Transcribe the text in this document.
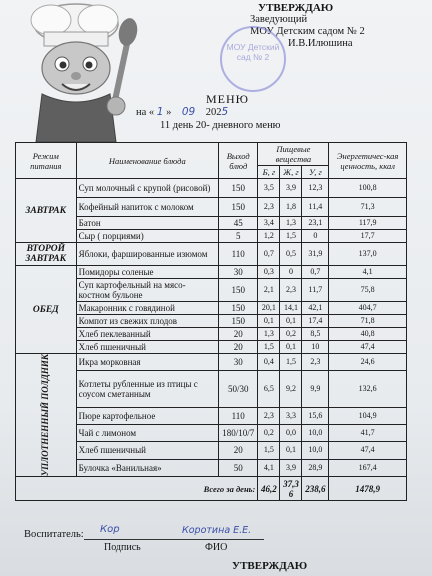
УТВЕРЖДАЮ
Заведующий
МОУ Детским садом № 2
И.В.Илюшина
МОУ Детский сад № 2
МЕНЮ
на « 1 » 09 2025
11 день 20- дневного меню
Режим питания	Наименование блюда	Выход блюд	Пищевые вещества			Энергетичес-кая ценность, ккал
			Б, г	Ж, г	У, г	
ЗАВТРАК	Суп молочный с крупой (рисовой)	150	3,5	3,9	12,3	100,8
	Кофейный напиток с молоком	150	2,3	1,8	11,4	71,3
	Батон	45	3,4	1,3	23,1	117,9
	Сыр ( порциями)	5	1,2	1,5	0	17,7
ВТОРОЙ ЗАВТРАК	Яблоки, фаршированные изюмом	110	0,7	0,5	31,9	137,0
ОБЕД	Помидоры соленые	30	0,3	0	0,7	4,1
	Суп картофельный на мясо-костном бульоне	150	2,1	2,3	11,7	75,8
	Макаронник с говядиной	150	20,1	14,1	42,1	404,7
	Компот из свежих плодов	150	0,1	0,1	17,4	71,8
	Хлеб пеклеванный	20	1,3	0,2	8,5	40,8
	Хлеб пшеничный	20	1,5	0,1	10	47,4

УПЛОТНЕННЫЙ ПОЛДНИК	Икра морковная	30	0,4	1,5	2,3	24,6
	Котлеты рубленные из птицы с соусом сметанным	50/30	6,5	9,2	9,9	132,6
	Пюре картофельное	110	2,3	3,3	15,6	104,9
	Чай с лимоном	180/10/7	0,2	0,0	10,0	41,7
	Хлеб пшеничный	20	1,5	0,1	10,0	47,4
	Булочка «Ванильная»	50	4,1	3,9	28,9	167,4
Всего за день:			46,2	37,3 6	238,6	1478,9
Воспитатель:	Кор	Коротина Е.Е.
Подпись	ФИО
УТВЕРЖДАЮ
